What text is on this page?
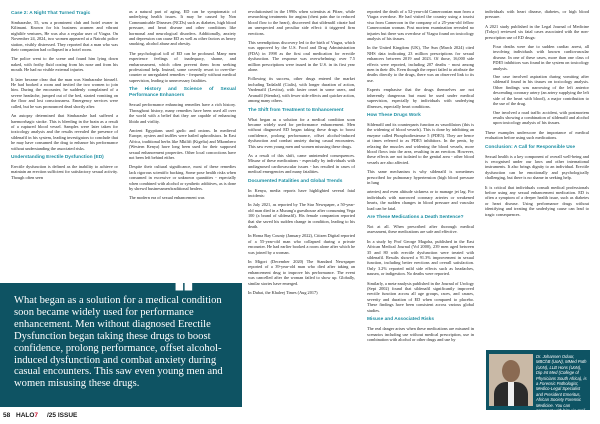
Case 2: A Night That Turned Tragic

Simbarashe, 55, was a prominent club and hotel owner in Kilimani. Known for his business acumen and vibrant nightlife ventures, He was also a regular user of Viagra. On November 24, 2024, two women appeared at a Nairobi police station, visibly distressed. They reported that a man who was their companion had collapsed in a hotel room.

The police went to the scene and found him lying down naked, with frothy fluid oozing from his nose and from his mouth. He had no visible external injuries.

It later became clear that the man was Simbarashe himself. He had booked a room and invited the two women to join him. During the encounter, he suddenly complained of a severe headache, jumped out of the bed, started vomiting on the floor and lost consciousness. Emergency services were called, but he was pronounced dead shortly after.

An autopsy determined that Simbarashe had suffered a haemorrhagic stroke. This is bleeding in the brain as a result of a ruptured blood vessel. Samples were later taken for toxicology analysis and the results revealed the presence of sildenafil in his system, leading investigators to conclude that he may have consumed the drug to enhance his performance without understanding the associated risks.

Understanding Erectile Dysfunction (ED)

Erectile dysfunction is defined as the inability to achieve or maintain an erection sufficient for satisfactory sexual activity. Though often seen

as a natural part of aging, ED can be symptomatic of underlying health issues. It may be caused by Non Communicable Diseases (NCDs) such as diabetes, high blood pressure, and heart disease and other conditions like hormonal and neurological disorders. Additionally, anxiety and depression can cause ED as well as other factors as heavy smoking, alcohol abuse and obesity.

The psychological toll of ED can be profound. Many men experience feelings of inadequacy, shame, and embarrassment, which often prevent them from seeking professional help. Instead, some covertly resort to over-the-counter or unregulated remedies - frequently without medical supervision, leading to unnecessary fatalities.

The History and Science of Sexual Performance Enhancers

Sexual performance enhancing remedies have a rich history. Throughout history, many remedies have been used all over the world with a belief that they are capable of enhancing libido and virility.

Ancient Egyptians used garlic and onions. In medieval Europe, oysters and truffles were hailed aphrodisiacs. In East Africa, traditional herbs like Mkilifi (Kigelia) and Mkombero (Western Kenya) have long been used for their supposed sexual enhancement properties. Other local concoctions have not been left behind either.

Despite their cultural significance, most of these remedies lack rigorous scientific backing. Some pose health risks when consumed in excessive or unknown quantities - especially when combined with alcohol or synthetic additives, as is done by shrewd businessmen/traditional healers.

The modern era of sexual enhancement was

revolutionised in the 1990s when scientists at Pfizer, while researching treatments for angina (chest pain due to reduced blood flow to the heart), discovered that sildenafil citrate had an unexpected and peculiar side effect: it triggered firm erections.

This serendipitous discovery led to the birth of Viagra, which was approved by the U.S. Food and Drug Administration (FDA) in 1998 as the first oral medication for erectile dysfunction. The response was overwhelming: over 7.5 million prescriptions were issued in the U.S. in its first year alone.

Following its success, other drugs entered the market including Tadalafil (Cialis), with longer duration of action, Vardenafil (Levitra), with faster onset in some users, and Avanafil (Stendra), with fewer side effects and quicker action, among many others.

The Shift from Treatment to Enhancement

What began as a solution for a medical condition soon became widely used for performance enhancement. Men without diagnosed ED began taking these drugs to boost confidence, prolong performance, offset alcohol-induced dysfunction and combat anxiety during casual encounters. This saw even young men and women misusing these drugs.

As a result of this shift, came unintended consequences. Misuse of these medications - especially by individuals with undiagnosed cardiovascular issues - has resulted in cases of medical emergencies and many fatalities.

Documented Fatalities and Global Trends

In Kenya, media reports have highlighted several fatal incidents:

In July 2021, as reported by The Star Newspaper, a 50-year-old man died in a Murang'a guesthouse after consuming Vega 100 (a brand of sildenafil). His female companion reported that she saved his sudden change in condition, leading to his death.

In Homa Bay County (January 2022), Citizen Digital reported of a 55-year-old man who collapsed during a private encounter. He had earlier booked a room alone after which he was joined by a woman.

In Migori (December 2020) The Standard Newspaper reported of a 39-year-old man who died after taking an enhancement drug to improve his performance. The event was cancelled after the woman failed to show up. Globally, similar stories have emerged.

In Dubai, the Khaleej Times (Aug 2017)

reported the death of a 52-year-old Cameroonian man from a Viagra overdose. He had visited the country using a tourist visa from Cameroon in the company of a 25-year-old fellow Cameroonian woman. Post mortem examination revealed no injuries but there was overdose of Viagra found on toxicology analysis of his tissues.

In the United Kingdom (UK), The Sun (March 2024) cited NHS data indicating 23 million prescriptions for sexual enhancers between 2019 and 2023. Of those, 16,000 side effects were reported, including 207 deaths - most among men in their 40s. Even though the report failed to attribute the deaths directly to the drugs, there was an observed link to its use.

Experts emphasise that the drugs themselves are not inherently dangerous but must be used under medical supervision, especially by individuals with underlying illnesses, especially heart conditions.

How These Drugs Work

Sildenafil and its counterparts function as vasodilators (this is the widening of blood vessels). This is done by inhibiting an enzyme called Phosphodiesterase 5 (PDE5). They are hence at times referred to as PDE5 inhibitors. In the penis, by relaxing the muscles and widening the blood vessels, more blood flows into the area, resulting in an erection. However, these effects are not isolated to the genital area - other blood vessels are also affected.

This same mechanism is why sildenafil is sometimes prescribed for pulmonary hypertension (high blood pressure in lung

arteries) and even altitude sickness or to manage jet lag. For individuals with narrowed coronary arteries or weakened hearts, the sudden changes in blood pressure and vascular load can be fatal.

Are These Medications a Death Sentence?

Not at all. When prescribed after thorough medical assessment, these medications are safe and effective.

In a study by Prof George Magoha, published in the East African Medical Journal (Vol 2000), 239 men aged between 35 and 80 with erectile dysfunction were treated with sildenafil. Results showed a 91.3% improvement in sexual function, including better erections and overall satisfaction. Only 3.2% reported mild side effects such as headaches, nausea, or indigestion. No deaths were reported.

Similarly, a meta-analysis published in the Journal of Urology (Sept 2002) found that sildenafil significantly improved erectile function across all age groups, races, and causes, severity and duration of ED when compared to placebo. These findings have been consistent across various global studies.

Misuse and Associated Risks

The real danger arises when these medications are misused in scenarios including use without medical prescription, use in combination with alcohol or other drugs and use by

individuals with heart disease, diabetes, or high blood pressure.

A 2021 study published in the Legal Journal of Medicine (Tokyo) reviewed six fatal cases associated with the non-prescription use of ED drugs:

• Four deaths were due to sudden cardiac arrest, all involving individuals with known cardiovascular disease. In one of these cases, more than one class of PDE5 inhibitors was found in the system on toxicology analysis.
• One case involved aspiration during vomiting after sildenafil found in his tissues on toxicology analysis. Other findings was narrowing of the left anterior descending coronary artery (an artery supplying the left side of the heart with blood), a major contribution to the use of the drug.
• One involved a road traffic accident, with postmortem results showing a combination of sildenafil and alcohol upon toxicology analysis of his tissues.

These examples underscore the importance of medical evaluation before using such medications.

Conclusion: A Call for Responsible Use

Sexual health is a key component of overall well-being and is recognised under our laws and other international instruments. It also brings dignity to an individual. Erectile dysfunction can be emotionally and psychologically challenging, but there is no shame in seeking help.

It is critical that individuals consult medical professionals before using any sexual enhancement medication. ED is often a symptom of a deeper health issue, such as diabetes or heart disease. Using performance drugs without identifying and treating the underlying cause can lead to tragic consequences.

❝
What began as a solution for a medical condition soon became widely used for performance enhancement. Men without diagnosed Erectile Dysfunction began taking these drugs to boost confidence, prolong performance, offset alcohol-induced dysfunction and combat anxiety during casual encounters. This saw even young men and women misusing these drugs.
Dr. Johansen Oduor, MBChB (UoN), MMed Path (UoN), LLB Hons (UoN), Dip Int Med (College of Physicians South Africa), is a Forensic Pathologist, Medico-Legal Specialist and President Emeritus, African Society Forensic Medicine. You can comment with him via mail at: johansenoduor@gmail.com.
58 HALO7 /25 ISSUE
